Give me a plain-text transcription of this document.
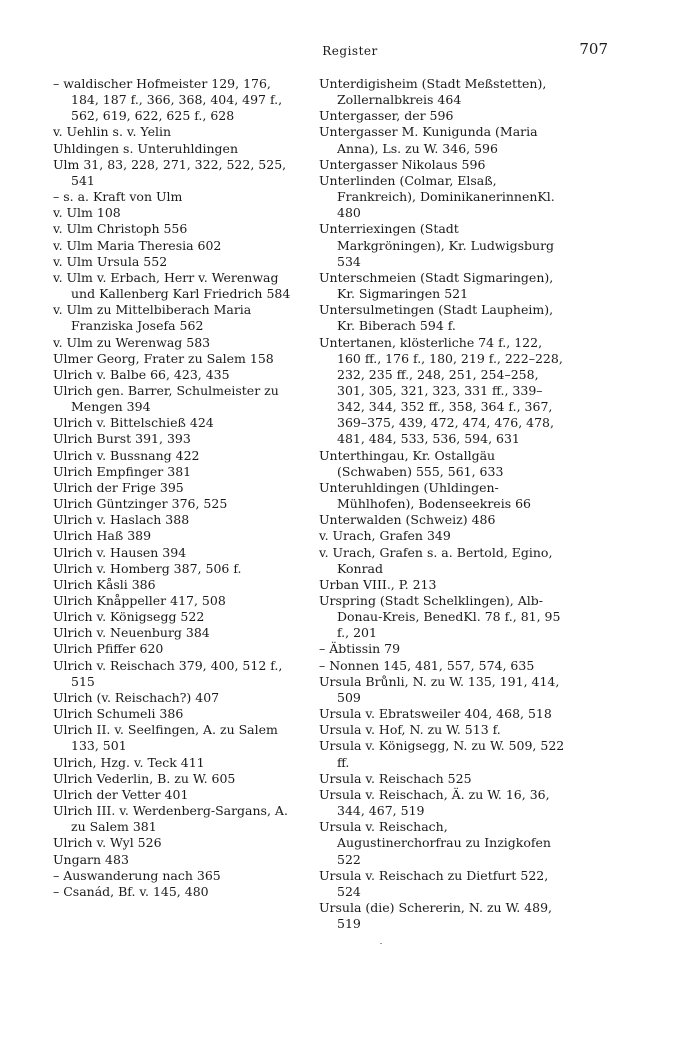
Register	707

– waldischer Hofmeister 129, 176, 184, 187 f., 366, 368, 404, 497 f., 562, 619, 622, 625 f., 628

v. Uehlin s. v. Yelin

Uhldingen s. Unteruhldingen

Ulm 31, 83, 228, 271, 322, 522, 525, 541

– s. a. Kraft von Ulm

v. Ulm 108

v. Ulm Christoph 556

v. Ulm Maria Theresia 602

v. Ulm Ursula 552

v. Ulm v. Erbach, Herr v. Werenwag und Kallenberg Karl Friedrich 584

v. Ulm zu Mittelbiberach Maria Franziska Josefa 562

v. Ulm zu Werenwag 583

Ulmer Georg, Frater zu Salem 158

Ulrich v. Balbe 66, 423, 435

Ulrich gen. Barrer, Schulmeister zu Mengen 394

Ulrich v. Bittelschieß 424

Ulrich Burst 391, 393

Ulrich v. Bussnang 422

Ulrich Empfinger 381

Ulrich der Frige 395

Ulrich Güntzinger 376, 525

Ulrich v. Haslach 388

Ulrich Haß 389

Ulrich v. Hausen 394

Ulrich v. Homberg 387, 506 f.

Ulrich Kåsli 386

Ulrich Knåppeller 417, 508

Ulrich v. Königsegg 522

Ulrich v. Neuenburg 384

Ulrich Pfiffer 620

Ulrich v. Reischach 379, 400, 512 f., 515

Ulrich (v. Reischach?) 407

Ulrich Schumeli 386

Ulrich II. v. Seelfingen, A. zu Salem 133, 501

Ulrich, Hzg. v. Teck 411

Ulrich Vederlin, B. zu W. 605

Ulrich der Vetter 401

Ulrich III. v. Werdenberg-Sargans, A. zu Salem 381

Ulrich v. Wyl 526

Ungarn 483

– Auswanderung nach 365

– Csanád, Bf. v. 145, 480

Unterdigisheim (Stadt Meßstetten), Zollernalbkreis 464

Untergasser, der 596

Untergasser M. Kunigunda (Maria Anna), Ls. zu W. 346, 596

Untergasser Nikolaus 596

Unterlinden (Colmar, Elsaß, Frankreich), DominikanerinnenKl. 480

Unterriexingen (Stadt Markgröningen), Kr. Ludwigsburg 534

Unterschmeien (Stadt Sigmaringen), Kr. Sigmaringen 521

Untersulmetingen (Stadt Laupheim), Kr. Biberach 594 f.

Untertanen, klösterliche 74 f., 122, 160 ff., 176 f., 180, 219 f., 222–228, 232, 235 ff., 248, 251, 254–258, 301, 305, 321, 323, 331 ff., 339–342, 344, 352 ff., 358, 364 f., 367, 369–375, 439, 472, 474, 476, 478, 481, 484, 533, 536, 594, 631

Unterthingau, Kr. Ostallgäu (Schwaben) 555, 561, 633

Unteruhldingen (Uhldingen-Mühlhofen), Bodenseekreis 66

Unterwalden (Schweiz) 486

v. Urach, Grafen 349

v. Urach, Grafen s. a. Bertold, Egino, Konrad

Urban VIII., P. 213

Urspring (Stadt Schelklingen), Alb-Donau-Kreis, BenedKl. 78 f., 81, 95 f., 201

– Äbtissin 79

– Nonnen 145, 481, 557, 574, 635

Ursula Brůnli, N. zu W. 135, 191, 414, 509

Ursula v. Ebratsweiler 404, 468, 518

Ursula v. Hof, N. zu W. 513 f.

Ursula v. Königsegg, N. zu W. 509, 522 ff.

Ursula v. Reischach 525

Ursula v. Reischach, Ä. zu W. 16, 36, 344, 467, 519

Ursula v. Reischach, Augustinerchorfrau zu Inzigkofen 522

Ursula v. Reischach zu Dietfurt 522, 524

Ursula (die) Schererin, N. zu W. 489, 519
